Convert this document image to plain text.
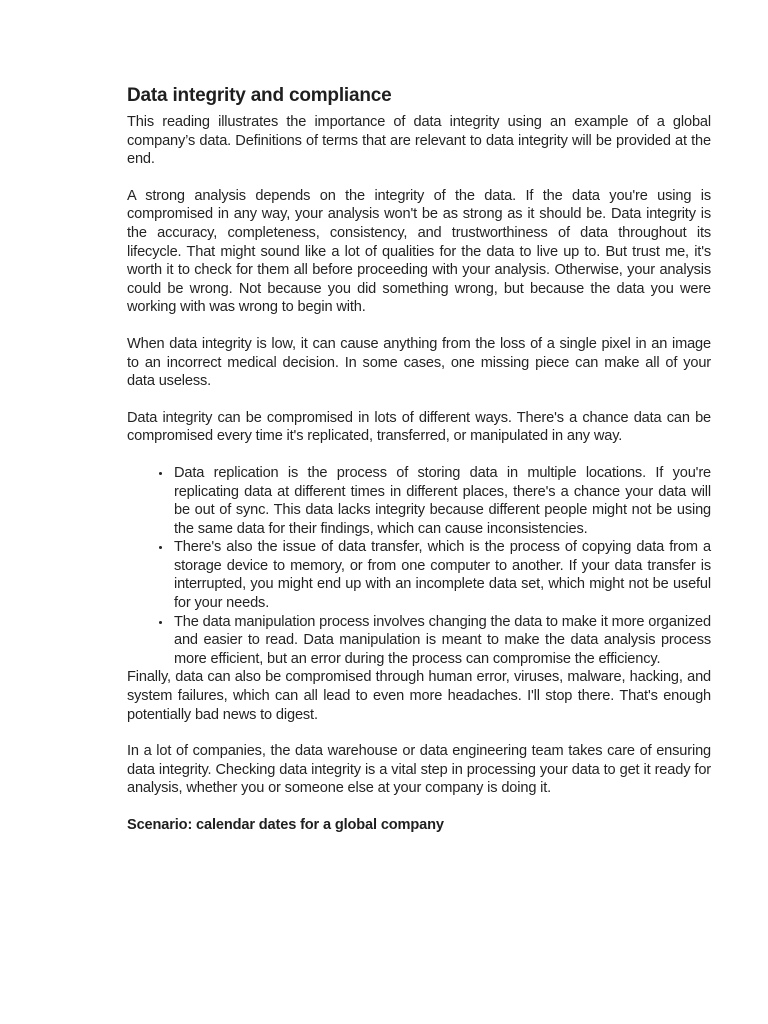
Data integrity and compliance

This reading illustrates the importance of data integrity using an example of a global company’s data. Definitions of terms that are relevant to data integrity will be provided at the end.

A strong analysis depends on the integrity of the data. If the data you're using is compromised in any way, your analysis won't be as strong as it should be. Data integrity is the accuracy, completeness, consistency, and trustworthiness of data throughout its lifecycle. That might sound like a lot of qualities for the data to live up to. But trust me, it's worth it to check for them all before proceeding with your analysis. Otherwise, your analysis could be wrong. Not because you did something wrong, but because the data you were working with was wrong to begin with.

When data integrity is low, it can cause anything from the loss of a single pixel in an image to an incorrect medical decision. In some cases, one missing piece can make all of your data useless.

Data integrity can be compromised in lots of different ways. There's a chance data can be compromised every time it's replicated, transferred, or manipulated in any way.

• Data replication is the process of storing data in multiple locations. If you're replicating data at different times in different places, there's a chance your data will be out of sync. This data lacks integrity because different people might not be using the same data for their findings, which can cause inconsistencies.
• There's also the issue of data transfer, which is the process of copying data from a storage device to memory, or from one computer to another. If your data transfer is interrupted, you might end up with an incomplete data set, which might not be useful for your needs.
• The data manipulation process involves changing the data to make it more organized and easier to read. Data manipulation is meant to make the data analysis process more efficient, but an error during the process can compromise the efficiency.

Finally, data can also be compromised through human error, viruses, malware, hacking, and system failures, which can all lead to even more headaches. I'll stop there. That's enough potentially bad news to digest.

In a lot of companies, the data warehouse or data engineering team takes care of ensuring data integrity. Checking data integrity is a vital step in processing your data to get it ready for analysis, whether you or someone else at your company is doing it.

Scenario: calendar dates for a global company
